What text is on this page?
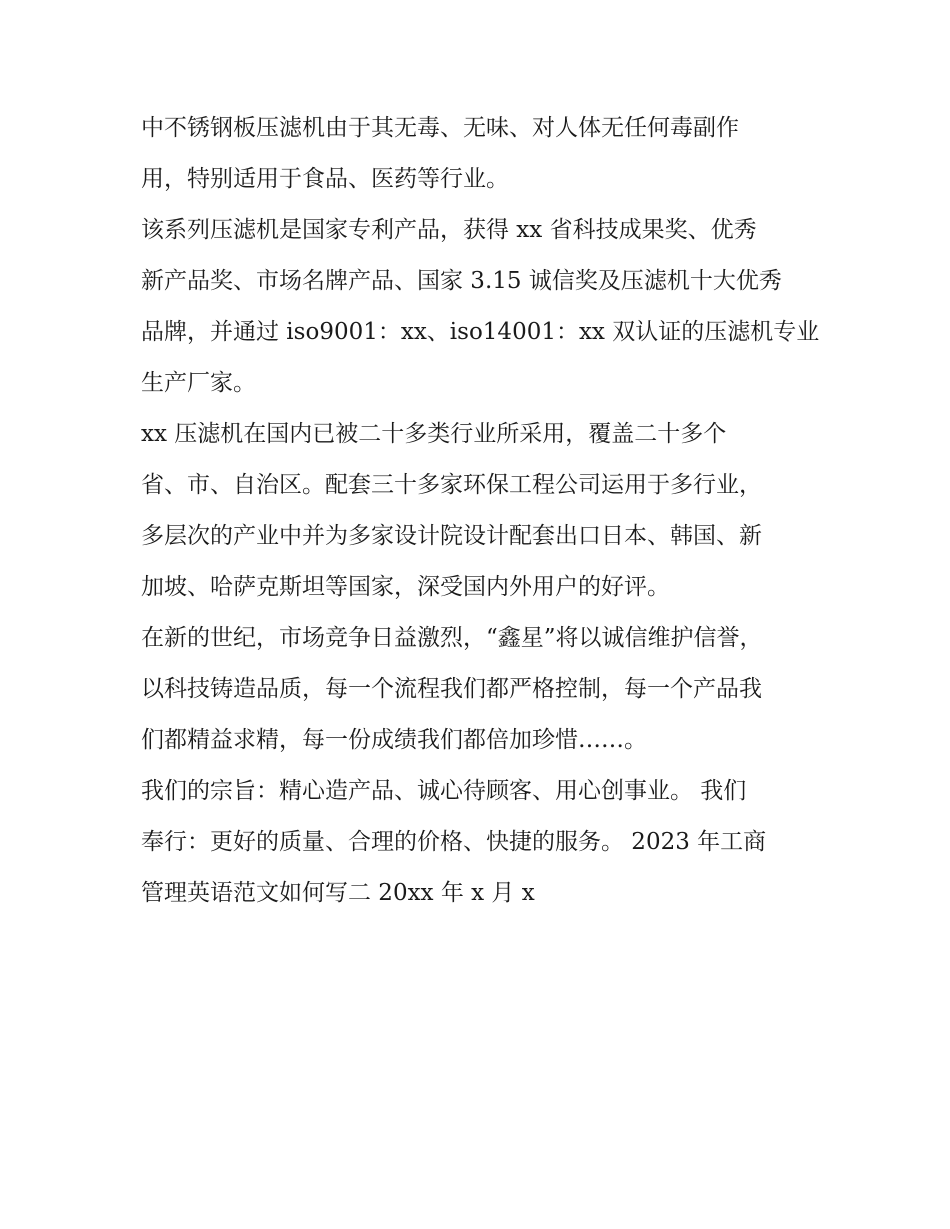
中不锈钢板压滤机由于其无毒、无味、对人体无任何毒副作
用，特别适用于食品、医药等行业。
该系列压滤机是国家专利产品，获得 xx 省科技成果奖、优秀
新产品奖、市场名牌产品、国家 3.15 诚信奖及压滤机十大优秀
品牌，并通过 iso9001：xx、iso14001：xx 双认证的压滤机专业
生产厂家。
xx 压滤机在国内已被二十多类行业所采用，覆盖二十多个
省、市、自治区。配套三十多家环保工程公司运用于多行业，
多层次的产业中并为多家设计院设计配套出口日本、韩国、新
加坡、哈萨克斯坦等国家，深受国内外用户的好评。
在新的世纪，市场竞争日益激烈，“鑫星”将以诚信维护信誉，
以科技铸造品质，每一个流程我们都严格控制，每一个产品我
们都精益求精，每一份成绩我们都倍加珍惜……。
我们的宗旨：精心造产品、诚心待顾客、用心创事业。 我们
奉行：更好的质量、合理的价格、快捷的服务。 2023 年工商
管理英语范文如何写二 20xx 年 x 月 x
